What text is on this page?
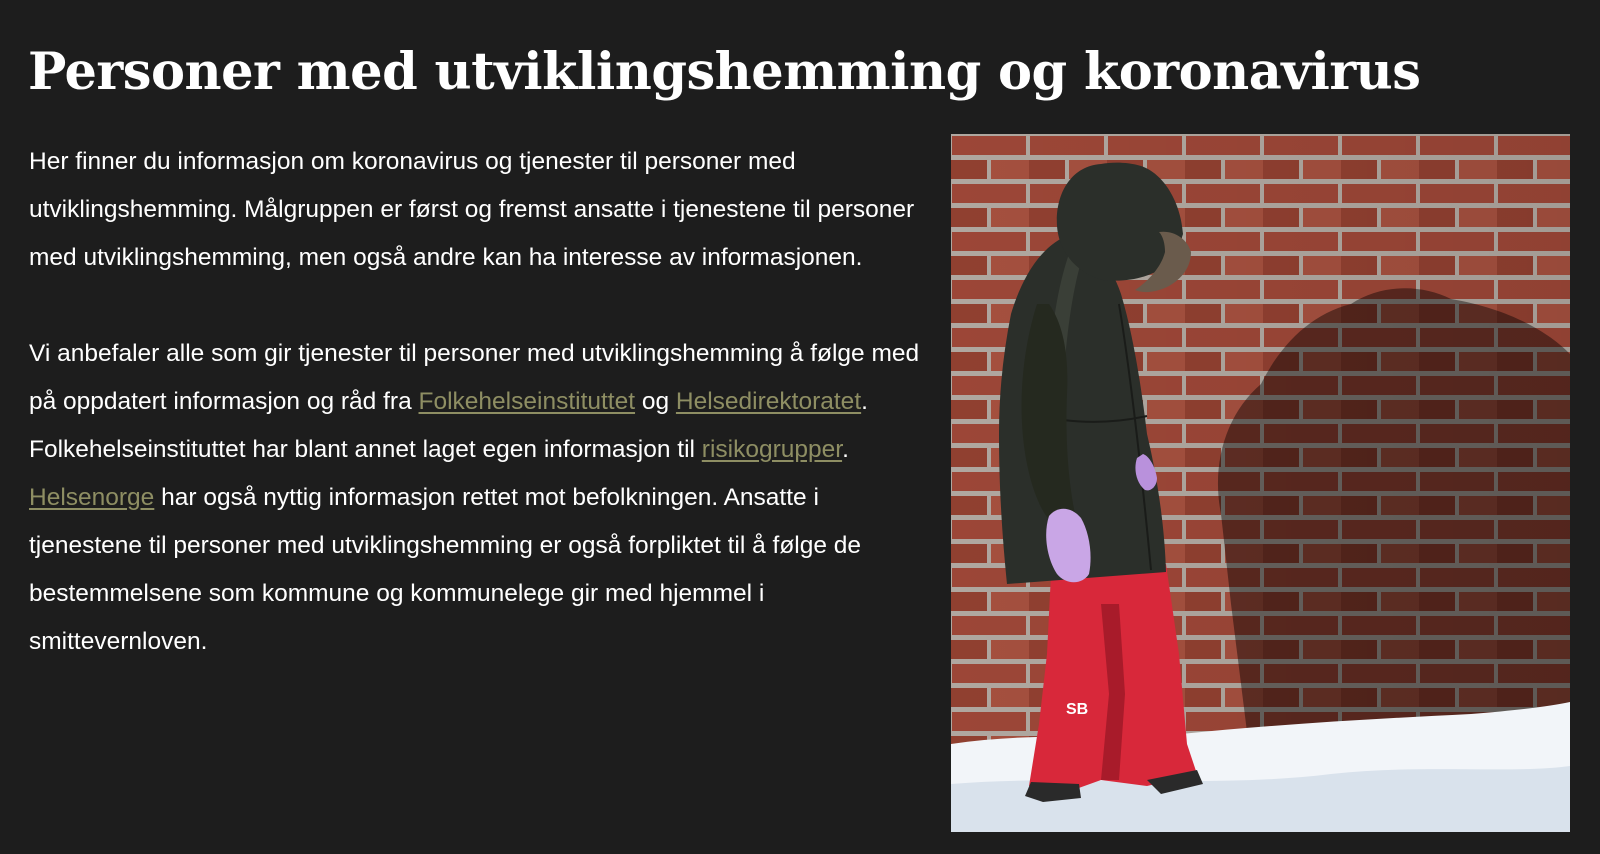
Personer med utviklingshemming og koronavirus

Her finner du informasjon om koronavirus og tjenester til personer med utviklingshemming. Målgruppen er først og fremst ansatte i tjenestene til personer med utviklingshemming, men også andre kan ha interesse av informasjonen.

Vi anbefaler alle som gir tjenester til personer med utviklingshemming å følge med på oppdatert informasjon og råd fra Folkehelseinstituttet og Helsedirektoratet. Folkehelseinstituttet har blant annet laget egen informasjon til risikogrupper. Helsenorge har også nyttig informasjon rettet mot befolkningen. Ansatte i tjenestene til personer med utviklingshemming er også forpliktet til å følge de bestemmelsene som kommune og kommunelege gir med hjemmel i smittevernloven.

SB
